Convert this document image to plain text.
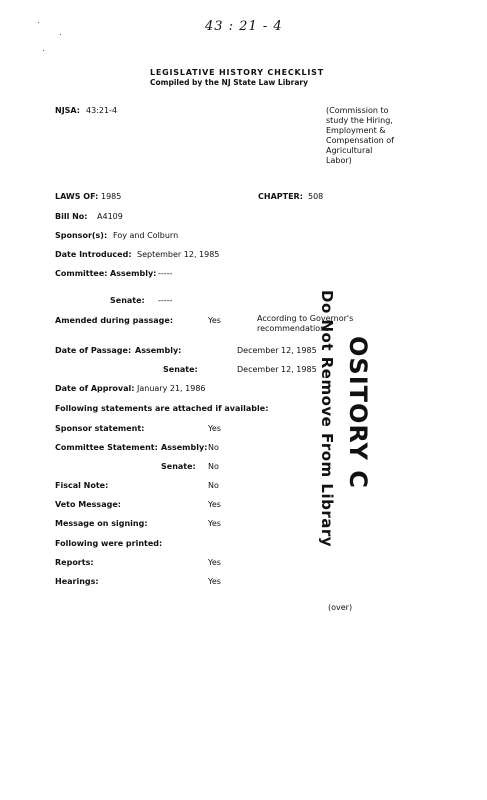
43 : 21 - 4
LEGISLATIVE HISTORY CHECKLIST
Compiled by the NJ State Law Library
NJSA: 43:21-4	(Commission to
study the Hiring,
Employment &
Compensation of
Agricultural
Labor)
LAWS OF: 1985	CHAPTER: 508
Bill No: A4109
Sponsor(s): Foy and Colburn
Date Introduced: September 12, 1985
Committee: Assembly: -----
Senate: -----
Amended during passage:	Yes	According to Governor's
recommendations
Date of Passage: Assembly:	December 12, 1985
Senate:	December 12, 1985
Date of Approval: January 21, 1986
Following statements are attached if available:
Sponsor statement:	Yes
Committee Statement: Assembly: No
Senate: No
Fiscal Note:	No
Veto Message:	Yes
Message on signing:	Yes
Following were printed:
Reports:	Yes
Hearings:	Yes
(over)
OSITORY C
Do Not Remove From Library
